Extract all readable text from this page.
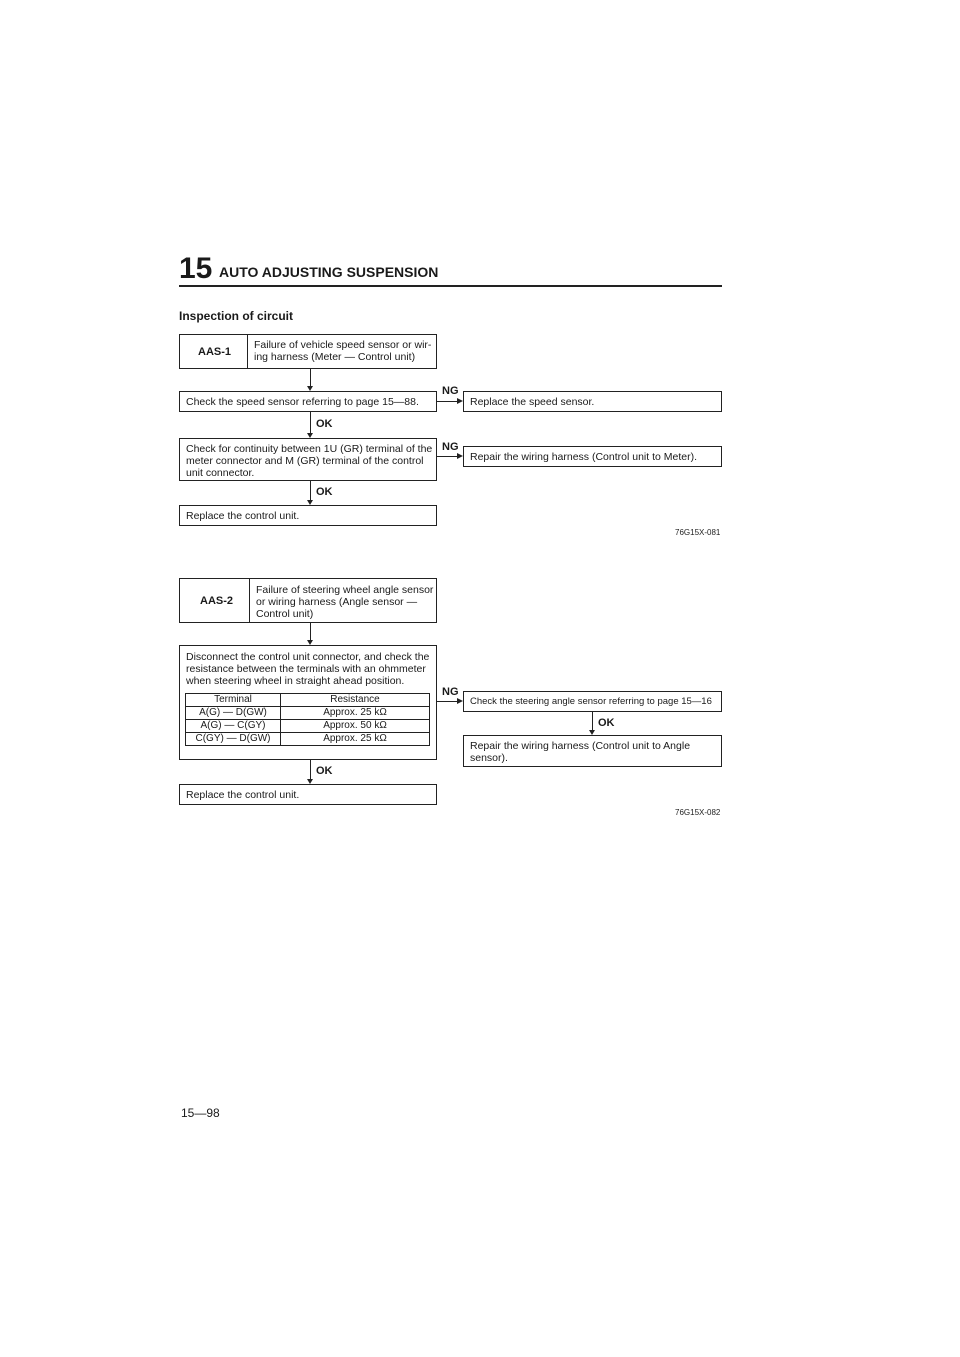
15 AUTO ADJUSTING SUSPENSION
Inspection of circuit
AAS-1
Failure of vehicle speed sensor or wir-
ing harness (Meter — Control unit)
Check the speed sensor referring to page 15—88.
NG
Replace the speed sensor.
OK
Check for continuity between 1U (GR) terminal of the meter connector and M (GR) terminal of the control unit connector.
NG
Repair the wiring harness (Control unit to Meter).
OK
Replace the control unit.
76G15X-081
AAS-2
Failure of steering wheel angle sensor or wiring harness (Angle sensor — Control unit)
Disconnect the control unit connector, and check the resistance between the terminals with an ohmmeter when steering wheel in straight ahead position.
Terminal	Resistance
A(G) — D(GW)	Approx. 25 kΩ
A(G) — C(GY)	Approx. 50 kΩ
C(GY) — D(GW)	Approx. 25 kΩ
NG
Check the steering angle sensor referring to page 15—16
OK
Repair the wiring harness (Control unit to Angle sensor).
OK
Replace the control unit.
76G15X-082
15—98
